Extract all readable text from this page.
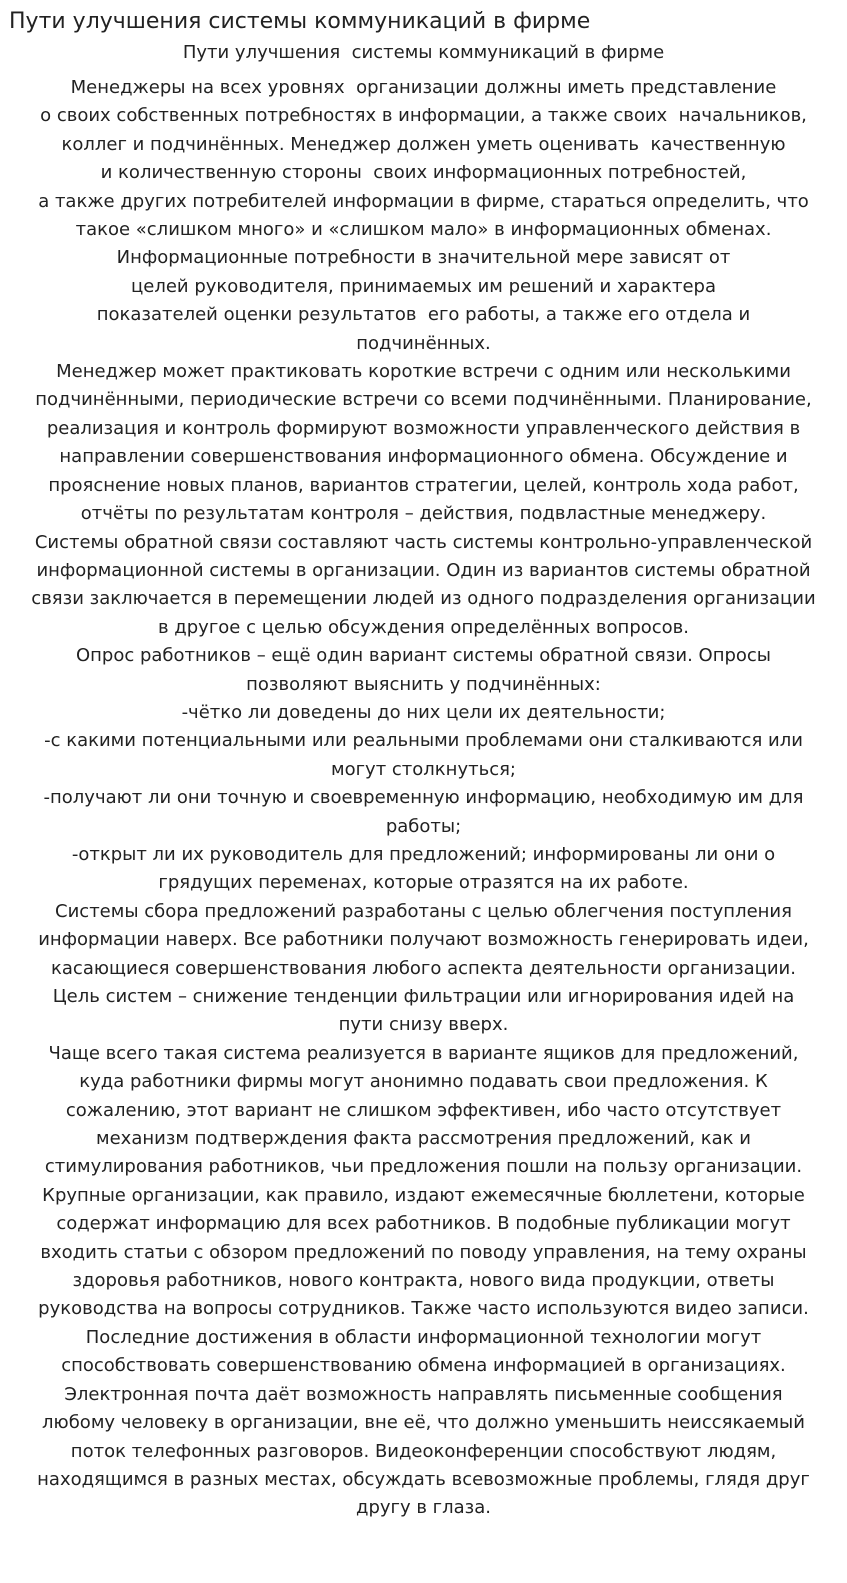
Пути улучшения системы коммуникаций в фирме
Пути улучшения  системы коммуникаций в фирме
Менеджеры на всех уровнях  организации должны иметь представление
о своих собственных потребностях в информации, а также своих  начальников,
коллег и подчинённых. Менеджер должен уметь оценивать  качественную
и количественную стороны  своих информационных потребностей,
а также других потребителей информации в фирме, стараться определить, что
такое «слишком много» и «слишком мало» в информационных обменах.
Информационные потребности в значительной мере зависят от
целей руководителя, принимаемых им решений и характера
показателей оценки результатов  его работы, а также его отдела и
подчинённых.
Менеджер может практиковать короткие встречи с одним или несколькими
подчинёнными, периодические встречи со всеми подчинёнными. Планирование,
реализация и контроль формируют возможности управленческого действия в
направлении совершенствования информационного обмена. Обсуждение и
прояснение новых планов, вариантов стратегии, целей, контроль хода работ,
отчёты по результатам контроля – действия, подвластные менеджеру.
Системы обратной связи составляют часть системы контрольно-управленческой
информационной системы в организации. Один из вариантов системы обратной
связи заключается в перемещении людей из одного подразделения организации
в другое с целью обсуждения определённых вопросов.
Опрос работников – ещё один вариант системы обратной связи. Опросы
позволяют выяснить у подчинённых:
-чётко ли доведены до них цели их деятельности;
-с какими потенциальными или реальными проблемами они сталкиваются или
могут столкнуться;
-получают ли они точную и своевременную информацию, необходимую им для
работы;
-открыт ли их руководитель для предложений; информированы ли они о
грядущих переменах, которые отразятся на их работе.
Системы сбора предложений разработаны с целью облегчения поступления
информации наверх. Все работники получают возможность генерировать идеи,
касающиеся совершенствования любого аспекта деятельности организации.
Цель систем – снижение тенденции фильтрации или игнорирования идей на
пути снизу вверх.
Чаще всего такая система реализуется в варианте ящиков для предложений,
куда работники фирмы могут анонимно подавать свои предложения. К
сожалению, этот вариант не слишком эффективен, ибо часто отсутствует
механизм подтверждения факта рассмотрения предложений, как и
стимулирования работников, чьи предложения пошли на пользу организации.
Крупные организации, как правило, издают ежемесячные бюллетени, которые
содержат информацию для всех работников. В подобные публикации могут
входить статьи с обзором предложений по поводу управления, на тему охраны
здоровья работников, нового контракта, нового вида продукции, ответы
руководства на вопросы сотрудников. Также часто используются видео записи.
Последние достижения в области информационной технологии могут
способствовать совершенствованию обмена информацией в организациях.
Электронная почта даёт возможность направлять письменные сообщения
любому человеку в организации, вне её, что должно уменьшить неиссякаемый
поток телефонных разговоров. Видеоконференции способствуют людям,
находящимся в разных местах, обсуждать всевозможные проблемы, глядя друг
другу в глаза.
